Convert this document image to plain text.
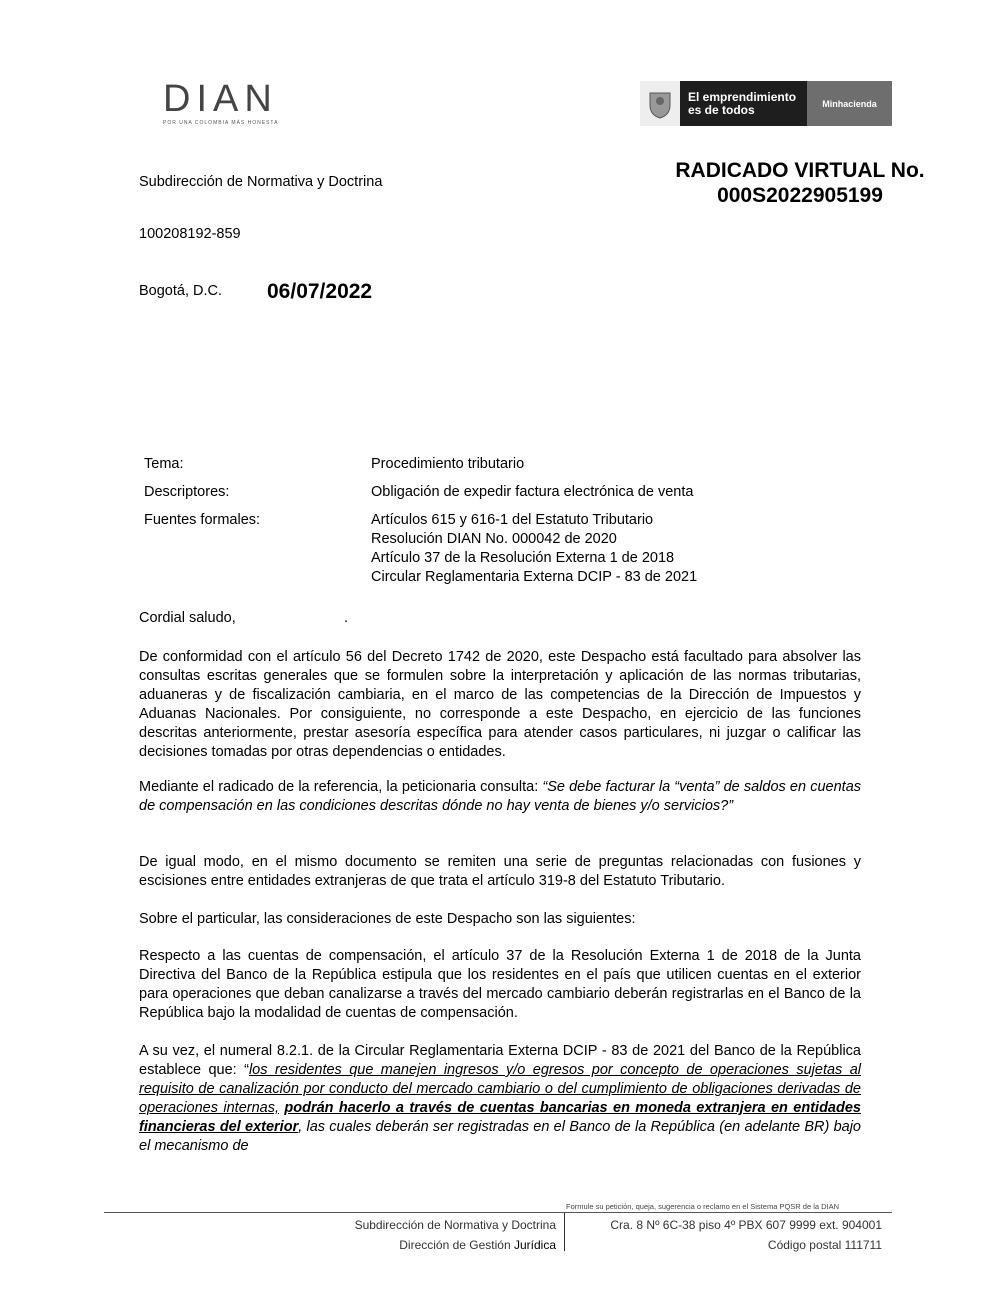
DIAN
POR UNA COLOMBIA MÁS HONESTA
El emprendimiento
es de todos	Minhacienda
Subdirección de Normativa y Doctrina	RADICADO VIRTUAL No.
000S2022905199
100208192-859
Bogotá, D.C. 06/07/2022
Tema:	Procedimiento tributario
Descriptores:	Obligación de expedir factura electrónica de venta
Fuentes formales:	Artículos 615 y 616-1 del Estatuto Tributario
Resolución DIAN No. 000042 de 2020
Artículo 37 de la Resolución Externa 1 de 2018
Circular Reglamentaria Externa DCIP - 83 de 2021
Cordial saludo,	.
De conformidad con el artículo 56 del Decreto 1742 de 2020, este Despacho está facultado para absolver las consultas escritas generales que se formulen sobre la interpretación y aplicación de las normas tributarias, aduaneras y de fiscalización cambiaria, en el marco de las competencias de la Dirección de Impuestos y Aduanas Nacionales. Por consiguiente, no corresponde a este Despacho, en ejercicio de las funciones descritas anteriormente, prestar asesoría específica para atender casos particulares, ni juzgar o calificar las decisiones tomadas por otras dependencias o entidades.
Mediante el radicado de la referencia, la peticionaria consulta: “Se debe facturar la “venta” de saldos en cuentas de compensación en las condiciones descritas dónde no hay venta de bienes y/o servicios?”
De igual modo, en el mismo documento se remiten una serie de preguntas relacionadas con fusiones y escisiones entre entidades extranjeras de que trata el artículo 319-8 del Estatuto Tributario.
Sobre el particular, las consideraciones de este Despacho son las siguientes:
Respecto a las cuentas de compensación, el artículo 37 de la Resolución Externa 1 de 2018 de la Junta Directiva del Banco de la República estipula que los residentes en el país que utilicen cuentas en el exterior para operaciones que deban canalizarse a través del mercado cambiario deberán registrarlas en el Banco de la República bajo la modalidad de cuentas de compensación.
A su vez, el numeral 8.2.1. de la Circular Reglamentaria Externa DCIP - 83 de 2021 del Banco de la República establece que: “los residentes que manejen ingresos y/o egresos por concepto de operaciones sujetas al requisito de canalización por conducto del mercado cambiario o del cumplimiento de obligaciones derivadas de operaciones internas, podrán hacerlo a través de cuentas bancarias en moneda extranjera en entidades financieras del exterior, las cuales deberán ser registradas en el Banco de la República (en adelante BR) bajo el mecanismo de
Formule su petición, queja, sugerencia o reclamo en el Sistema PQSR de la DIAN
Subdirección de Normativa y Doctrina
Dirección de Gestión Jurídica
Cra. 8 Nº 6C-38 piso 4º PBX 607 9999 ext. 904001
Código postal 111711
